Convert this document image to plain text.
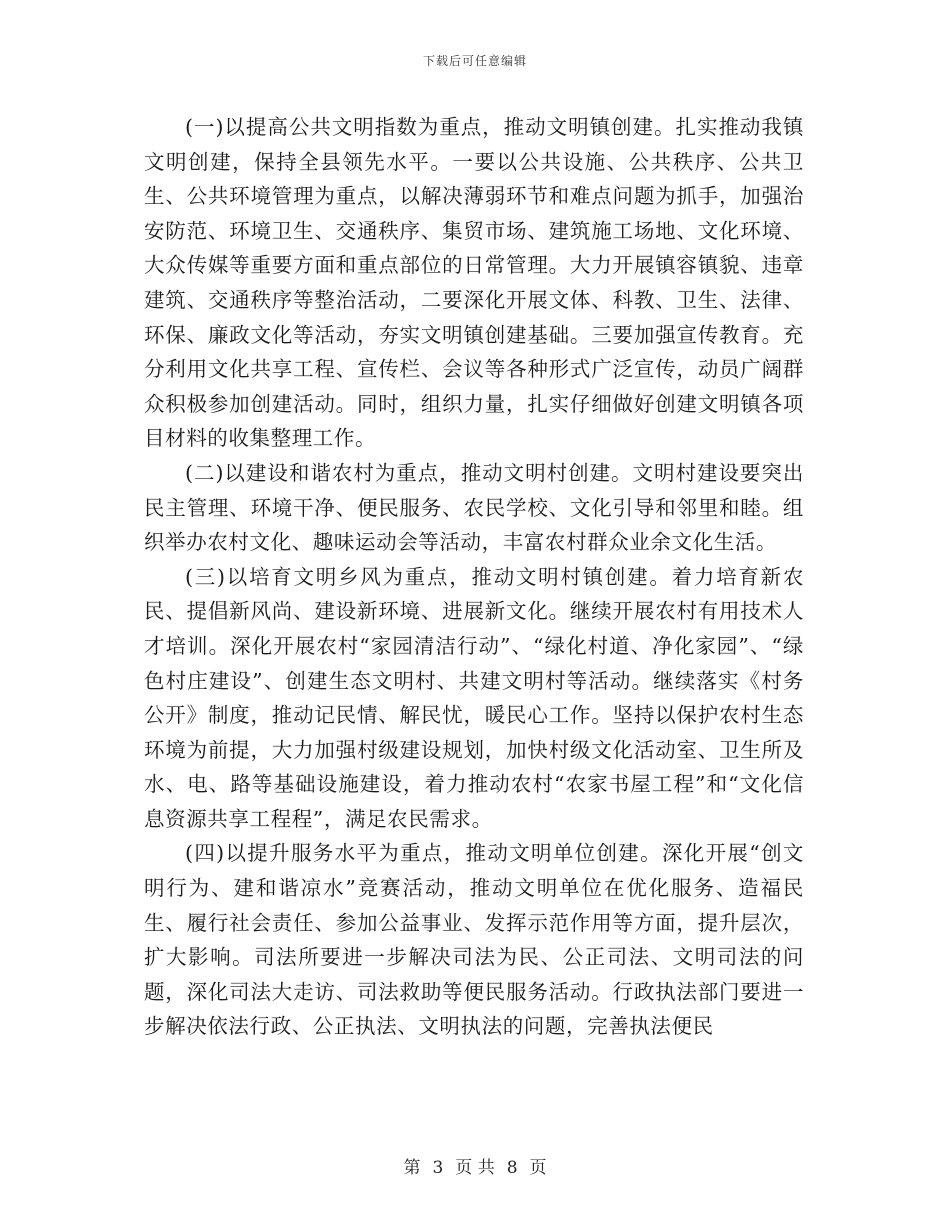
下载后可任意编辑

(一)以提高公共文明指数为重点，推动文明镇创建。扎实推动我镇文明创建，保持全县领先水平。一要以公共设施、公共秩序、公共卫生、公共环境管理为重点，以解决薄弱环节和难点问题为抓手，加强治安防范、环境卫生、交通秩序、集贸市场、建筑施工场地、文化环境、大众传媒等重要方面和重点部位的日常管理。大力开展镇容镇貌、违章建筑、交通秩序等整治活动，二要深化开展文体、科教、卫生、法律、环保、廉政文化等活动，夯实文明镇创建基础。三要加强宣传教育。充分利用文化共享工程、宣传栏、会议等各种形式广泛宣传，动员广阔群众积极参加创建活动。同时，组织力量，扎实仔细做好创建文明镇各项目材料的收集整理工作。

(二)以建设和谐农村为重点，推动文明村创建。文明村建设要突出民主管理、环境干净、便民服务、农民学校、文化引导和邻里和睦。组织举办农村文化、趣味运动会等活动，丰富农村群众业余文化生活。

(三)以培育文明乡风为重点，推动文明村镇创建。着力培育新农民、提倡新风尚、建设新环境、进展新文化。继续开展农村有用技术人才培训。深化开展农村“家园清洁行动”、“绿化村道、净化家园”、“绿色村庄建设”、创建生态文明村、共建文明村等活动。继续落实《村务公开》制度，推动记民情、解民忧，暖民心工作。坚持以保护农村生态环境为前提，大力加强村级建设规划，加快村级文化活动室、卫生所及水、电、路等基础设施建设，着力推动农村“农家书屋工程”和“文化信息资源共享工程程”，满足农民需求。

(四)以提升服务水平为重点，推动文明单位创建。深化开展“创文明行为、建和谐凉水”竞赛活动，推动文明单位在优化服务、造福民生、履行社会责任、参加公益事业、发挥示范作用等方面，提升层次，扩大影响。司法所要进一步解决司法为民、公正司法、文明司法的问题，深化司法大走访、司法救助等便民服务活动。行政执法部门要进一步解决依法行政、公正执法、文明执法的问题，完善执法便民

第 3 页 共 8 页
